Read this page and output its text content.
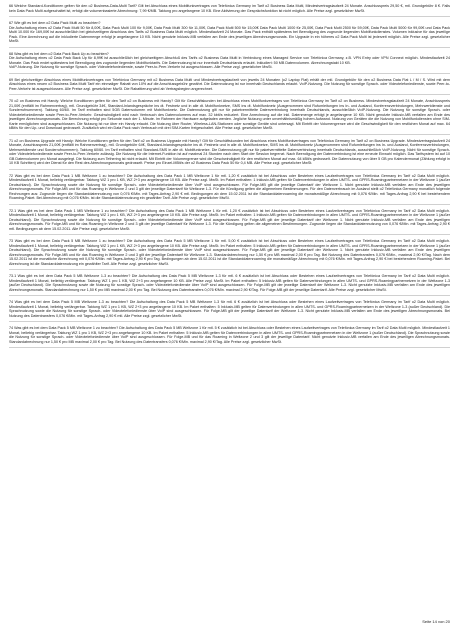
66 Welche Standard-Konditionen gelten für den o2 Business-Data-Multi Tarif? Gilt bei Abschluss eines Mobilfunkvertrages von Telefónica Germany im Tarif o2 Business Data Multi, Mindestvertragslaufzeit 24 Monate. Anschlusspreis 29,50 €, mtl. Grundgebühr 8 €. Falls kein Data Pack Multi aufgeschaltet ist, erfolgt die volumenbasierte Abrechnung: 7,99 €/MB. Taktung pro angefangene 10 KB. Eine Aktivierung der Gesprächsfunktion ist nicht möglich. Alle Preise zzgl. gesetzlicher MwSt.
67 Wie gilt es bei dem o2 Data Pack Multi zu beachten?
Die Aufschaltung eines o2 Data Pack Multi 50 für 8,00€, Data Pack Multi 100 für 9,00€, Data Pack Multi 300 für 11,00€, Data Pack Multi 500 für 15,00€ Data Pack Multi 1000 für 25,00€, Data Pack Multi 2500 für 59,00€, Data Pack Multi 5000 für 99,00€ und Data Pack Multi 10.000 für 169,00€ ist ausschließlich bei gleichzeitigem Abschluss des Tarifs o2 Business Data Multi möglich. Mindestlaufzeit 24 Monate. Das Pack enthält spätestens bei Beendigung des zugrunde liegenden Mobilfunkdienstes. Volumen inklusive für das jeweilige Pack. Eine Anrechnung auf die inkludierte Datenmenge erfolgt je angefangene 10 KB. Nicht genutzte Inklusiv-MB verfallen am Ende des jeweiligen Abrechnungsmonats. Ein Upgrade in ein höheres o2 Data Pack Multi ist jederzeit möglich. Alle Preise zzgl. gesetzlicher MwSt.
68 Was gibt es bei dem o2 Data Pack Back Up zu beachten?
Die Aufschaltung eines o2 Data Pack Back Up für 8,99€ ist ausschließlich bei gleichzeitigem Abschluß des Tarifs o2 Business Data Multi in Verbindung eines Managed Service von Telefónica Germany, z.B. VPN Entry oder VPN Connect möglich. Mindestlaufzeit 24 Monate. Das Pack endet spätestens bei Beendigung des zugrunde liegenden Mobilfunktarifs. Die Datennutzung ist nur innerhalb Deutschlands erlaubt. Inkludiert: 50 MB Datenvolumen. Abrechnungstakt 10 KB.
VoIP-Nutzung. Die Nutzung für sonstige Sprach- oder Videotelefoniedienste, sowie Peer-to-Peer-Verkehr ist ausgeschlossen. Alle Preise zzgl. gesetzlicher MwSt.
69 Bei gleichzeitiger Abschluss eines Mobilfunkvertrages von Telefónica Germany mit o2 Business Data Multi und Mindestvertragslaufzeit von jeweils 24 Monaten (o2 Laptop Flat) erhält der mtl. Grundgebühr für den o2 Business Data Flat L / M / S. Wird mit dem Abschluss eines neuen o2 Business Data Multi Tarif ein einmaliger Rabatt von 10% auf die Anschlussgebühr gewährt. Die Datennutzung ist nur innerhalb Deutschlands erlaubt. VoIP-Nutzung. Die Nutzung für sonstige Sprach- oder Videotelefoniedienste, sowie Peer-to-Peer-Verkehr ist ausgeschlossen. Alle Preise zzgl. gesetzlicher MwSt. Die Rabattierung wird ab Vertragsbeginn angerechnet.
70 o2 on Business mit Handy: Welche Konditionen gelten für den Tarif o2 on Business mit Handy? Gilt für Geschäftskunden bei Abschluss eines Mobilfunkvertrages von Telefónica Germany im Tarif o2 on Business. Mindestvertragslaufzeit 24 Monate, Anschlusspreis 21,00€ (entfällt im Rahmenvertrag), mtl. Grundgebühr 34€, Standard-Inlandsgespräche ins dt. Festnetz und in alle dt. Mobilfunknetze, SMS ins dt. Mobilfunknetz (Ausgenommen sind Rufumleitungen ins In- und Ausland, Konferenzverbindungen, Mehrwertdienste und Sonderrufnummern). Taktung 60/60. Im Tarif enthalten sind 5GB Datenvolumen mit Mobilfunknetz. Die Datennutzung gilt nur für paketvermittelte Datenverbindung innerhalb Deutschlands, ausschließlich VoIP-Nutzung. Die Nutzung für sonstige Sprach- oder Videotelefoniedienste sowie Peer-to-Peer-Verkehr. Geschwindigkeit wird nach Verbrauch des Datenvolumens auf max. 32 kbit/s reduziert. Eine Anrechnung auf die inkl. Datenmenge erfolgt je angefangene 10 KB. Nicht genutzte Inklusiv-MB verfallen am Ende des jeweiligen Abrechnungsmonats. Die Berechnung erfolgt pro Sekunde nach der 1. Minute. Im Rahmen der Hardware aufgeladen werden. Jegliche Nutzung unter unverhältnismäßig hohem Aufwand. Nutzung von Geräten die die Nutzung von Mobilfunkdiensten ohne SIM-Karte ermöglichen sind ausgeschlossen. Die Nutzung ist nur über ein Handy erlaubt. Die Nutzung über Router, Wireless-LAN-Stationen oder sonstige Geräte sind untersagt. Mit Eintritt der Volumengrenze wird die Geschwindigkeit für den restlichen Monat auf max. 64 kBit/s für den Up- und Download gedrosselt. Zusätzlich wird ein Data Pack nach Verbrauch mit drei SIM-Karten freigeschaltet. Alle Preise zzgl. gesetzlicher MwSt.
71 o2 on Business Upgrade mit Handy: Welche Konditionen gelten für den Tarif o2 on Business Upgrade mit Handy? Gilt für Geschäftskunden bei Abschluss eines Mobilfunkvertrages von Telefónica Germany im Tarif o2 on Business Upgrade. Mindestvertragslaufzeit 24 Monate, Anschlusspreis 21,00€ (entfällt im Rahmenvertrag), mtl. Grundgebühr 64€, Standard-Inlandsgespräche ins dt. Festnetz und in alle dt. Mobilfunknetze, SMS ins dt. Mobilfunknetz (Ausgenommen sind Rufumleitungen ins In- und Ausland, Konferenzverbindungen, Mehrwertdienste und Sonderrufnummern). Taktung 60/60. Im Tarif enthalten sind Standard-SMS in alle dt. Mobilfunknetze. Die Datennutzung gilt nur für paketvermittelte Datenverbindung innerhalb Deutschlands, ausschließlich VoIP-Nutzung. Nicht für sonstige Sprach- oder Videotelefoniedienste sowie Peer-to-Peer-Verkehr zulässig. Die Nutzung für die Internet-Funktion ist auf maximal 24 Stunden nach dem Start der Session begrenzt. Nach Beendigung der Datenverbindung ist eine erneute Einwahl möglich. Das Tarifsystem ist auf 10 GB Datenvolumen pro Monat ausgelegt. Die Nutzung zum Tethering ist nicht erlaubt. Mit Eintritt der Volumengrenze wird die Geschwindigkeit für den restlichen Monat auf max. 64 kBit/s gedrosselt. Die Datennutzung von über 5 GB pro Kalendermonat (Zählung erfolgt in 10 KB Schritten) wird der Dienst für den Rest des Abrechnungsmonats gedrosselt. Preise pro Einzel-MBit/s der o2 Business Data Pack 50 für 0,4 MB. Alle Preise zzgl. gesetzlicher MwSt.
72 Was gibt es bei dem Data Pack 1 MB Weltzone 1 zu beachten? Die Aufschaltung des Data Pack 1 MB Weltzone 1 für mtl. 1,20 € zusätzlich ist bei Abschluss oder Bestehen eines Laufzeitvertrages von Telefónica Germany im Tarif o2 Data Multi möglich. Mindestlaufzeit 1 Monat, beliebig verlängerbar. Taktung WZ 1 pro 1 KB, WZ 2+3 pro angefangene 10 KB. Alle Preise zzgl. MwSt. Im Paket enthalten: 1 Inklusiv-MB gelten für Datenverbindungen in allen UMTS- und GPRS-Roamingpartnernetzen in der Weltzone 1 (außer Deutschland). Die Sprachnutzung sowie die Nutzung für sonstige Sprach- oder Videotelefoniedienste über VoIP sind ausgeschlossen. Für Folge-MB gilt die jeweilige Datentarif der Weltzone 1. Nicht genutzte Inklusiv-MB verfallen am Ende des jeweiligen Abrechnungsmonats. Für Folge-MB und für das Roaming in Weltzone 2 und 3 gilt der jeweilige Datentarif für Weltzone 1-3. Für die Kündigung gelten die allgemeinen Bestimmungen. Für den Datenverbrauch im Ausland stellt o2 Telefónica Germany monatlich folgende Rechnungen aus: Zugrunde liegen die Standarddatennutzung von 0,076 €/Min. mit Tages-Anfrag 2,90 € mtl. Bedingungen ab dem 15.02.2011 ist die Standarddatenroaming die monatsmäßige Abrechnung mit 0,076 €/Min. mit Tages-Anfrag 2,90 € bei bestehendem Roaming-Paket. Bei Abrechnung mit 0,076 €/Min. ist die Standarddatennutzung ein gewählter Tarif. Alle Preise zzgl. gesetzlicher MwSt.
72.1 Was gibt es bei dem Data Pack 1 MB Weltzone 1 zu beachten? Die Aufschaltung des Data Pack 1 MB Weltzone 1 für mtl. 1,20 € zusätzlich ist bei Abschluss oder Bestehen eines Laufzeitvertrages von Telefónica Germany im Tarif o2 Data Multi möglich. Mindestlaufzeit 1 Monat, beliebig verlängerbar. Taktung WZ 1 pro 1 KB, WZ 2+3 pro angefangene 10 KB. Alle Preise zzgl. MwSt. Im Paket enthalten: 1 Inklusiv-MB gelten für Datenverbindungen in allen UMTS- und GPRS-Roamingpartnernetzen in der Weltzone 1 (außer Deutschland). Die Sprachnutzung sowie die Nutzung für sonstige Sprach- oder Videotelefoniedienste über VoIP sind ausgeschlossen. Für Folge-MB gilt der jeweilige Datentarif der Weltzone 1. Nicht genutzte Inklusiv-MB verfallen am Ende des jeweiligen Abrechnungsmonats. Für Folge-MB und für das Roaming in Weltzone 2 und 3 gilt der jeweilige Datentarif für Weltzone 1-3. Für die Kündigung gelten die allgemeinen Bestimmungen. Zugrunde liegen die Standarddatennutzung von 0,076 €/Min. mit Tages-Anfrag 2,90 € mtl. Bedingungen ab dem 15.02.2011. Alle Preise zzgl. gesetzlicher MwSt.
73 Was gibt es bei dem Data Pack 5 MB Weltzone 1 zu beachten? Die Aufschaltung des Data Pack 5 MB Weltzone 1 für mtl. 5,00 € zusätzlich ist bei Abschluss oder Bestehen eines Laufzeitvertrages von Telefónica Germany im Tarif o2 Data Multi möglich. Mindestlaufzeit 1 Monat, beliebig verlängerbar. Taktung WZ 1 pro 1 KB, WZ 2+3 pro angefangene 10 KB. Alle Preise zzgl. MwSt. Im Paket enthalten: 5 Inklusiv-MB gelten für Datenverbindungen in allen UMTS- und GPRS-Roamingpartnernetzen in der Weltzone 1 (außer Deutschland). Die Sprachnutzung sowie die Nutzung für sonstige Sprach- oder Videotelefoniedienste über VoIP sind ausgeschlossen. Für Folge-MB gilt der jeweilige Datentarif der Weltzone 1. Nicht genutzte Inklusiv-MB verfallen am Ende des jeweiligen Abrechnungsmonats. Für Folge-MB und für das Roaming in Weltzone 2 und 3 gilt der jeweilige Datentarif für Weltzone 1-3. Standardabrechnung nur 1,50 € pro MB maximal 2,00 € pro Tag. Bei Nutzung des Datentransfers 0,076 €/Min., maximal 2,90 €/Tag. Nach dem 15.02.2011 ist die monatliche Abrechnung mit 0,076 €/Min. mit Tages-Anfrag 2,90 € pro Tag. Bedingungen ab dem 15.02.2011 ist die Standarddatenroaming die monatsmäßige Abrechnung mit 0,076 €/Min. mit Tages-Anfrag 2,90 € bei bestehendem Roaming-Paket. Bei Abrechnung ist die Standarddatennutzung ein gewählter Tarif. Alle Preise zzgl. gesetzlicher MwSt.
73.1 Was gibt es bei dem Data Pack 5 MB Weltzone 1-3 zu beachten? Die Aufschaltung des Data Pack 5 MB Weltzone 1-3 für mtl. 6 € zusätzlich ist bei Abschluss oder Bestehen eines Laufzeitvertrages von Telefónica Germany im Tarif o2 Data Multi möglich. Mindestlaufzeit 1 Monat, beliebig verlängerbar. Taktung WZ 1 pro 1 KB, WZ 2+3 pro angefangene 10 KB. Alle Preise zzgl. MwSt. Im Paket enthalten: 5 Inklusiv-MB gelten für Datenverbindungen in allen UMTS- und GPRS-Roamingpartnernetzen in der Weltzone 1-3 (außer Deutschland). Die Sprachnutzung sowie die Nutzung für sonstige Sprach- oder Videotelefoniedienste über VoIP sind ausgeschlossen. Für Folge-MB gilt der jeweilige Datentarif der Weltzone 1-3. Nicht genutzte Inklusiv-MB verfallen am Ende des jeweiligen Abrechnungsmonats. Standardabrechnung nur 1,50 € pro MB maximal 2,00 € pro Tag. Bei Nutzung des Datentransfers 0,076 €/Min. maximal 2,90 €/Tag. Für Folge-MB gilt der jeweilige Datentarif. Alle Preise zzgl. gesetzlicher MwSt.
74 Was gibt es bei dem Data Pack 5 MB Weltzone 1-3 zu beachten? Die Aufschaltung des Data Pack 5 MB Weltzone 1-3 für mtl. 6 € zusätzlich ist bei Abschluss oder Bestehen eines Laufzeitvertrages von Telefónica Germany im Tarif o2 Data Multi möglich. Mindestlaufzeit 1 Monat, beliebig verlängerbar. Taktung WZ 1 pro 1 KB, WZ 2+3 pro angefangene 10 KB. Im Paket enthalten: 5 Inklusiv-MB gelten für Datenverbindungen in allen UMTS- und GPRS-Roamingpartnernetzen in der Weltzone 1-3 (außer Deutschland). Die Sprachnutzung sowie die Nutzung für sonstige Sprach- oder Videotelefoniedienste über VoIP sind ausgeschlossen. Für Folge-MB gilt der jeweilige Datentarif der Weltzone 1-3. Nicht genutzte Inklusiv-MB verfallen am Ende des jeweiligen Abrechnungsmonats. Bei Nutzung des Datentransfers 0,076 €/Min. mit Tages-Anfrag 2,90 € mtl. Alle Preise zzgl. gesetzlicher MwSt.
74 Was gibt es bei dem Data Pack 5 MB Weltzone 1 zu beachten? Die Aufschaltung des Data Pack 5 MB Weltzone 1 für mtl. 5 € zusätzlich ist bei Abschluss oder Bestehen eines Laufzeitvertrages von Telefónica Germany im Tarif o2 Data Multi möglich. Mindestlaufzeit 1 Monat, beliebig verlängerbar. Taktung WZ 1 pro 1 KB, WZ 2+3 pro angefangene 10 KB. Im Paket enthalten: 5 Inklusiv-MB gelten für Datenverbindungen in allen UMTS- und GPRS-Roamingpartnernetzen in der Weltzone 1 (außer Deutschland). Die Sprachnutzung sowie die Nutzung für sonstige Sprach- oder Videotelefoniedienste über VoIP sind ausgeschlossen. Für Folge-MB und für das Roaming in Weltzone 2 und 3 gilt der jeweilige Datentarif. Nicht genutzte Inklusiv-MB verfallen am Ende des jeweiligen Abrechnungsmonats. Standardabrechnung nur 1,50 € pro MB maximal 2,00 € pro Tag. Bei Nutzung des Datentransfers 0,076 €/Min. maximal 2,90 €/Tag. Alle Preise zzgl. gesetzlicher MwSt.
Seite 14 von 20
